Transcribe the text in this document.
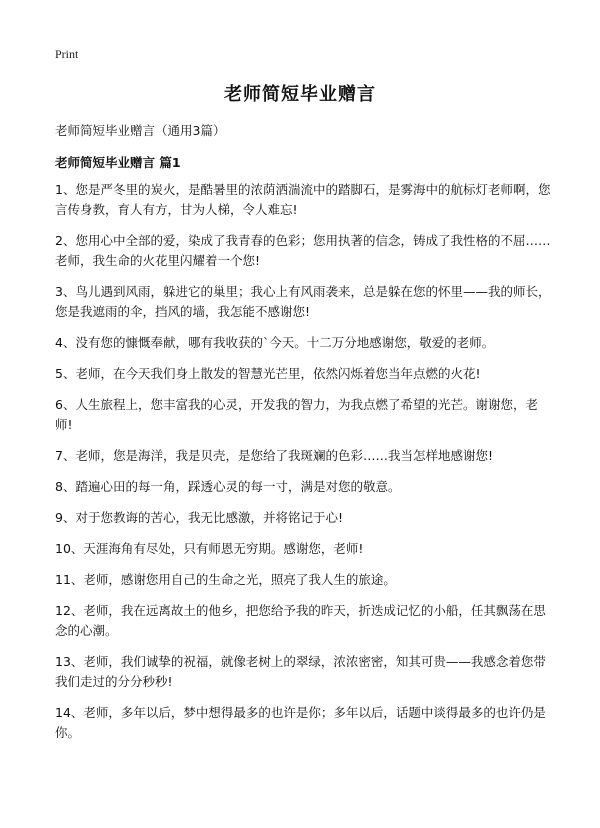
Print
老师简短毕业赠言

老师简短毕业赠言（通用3篇）

老师简短毕业赠言 篇1
1、您是严冬里的炭火，是酷暑里的浓荫洒湍流中的踏脚石，是雾海中的航标灯老师啊，您言传身教，育人有方，甘为人梯，令人难忘!
2、您用心中全部的爱，染成了我青春的色彩；您用执著的信念，铸成了我性格的不屈……老师，我生命的火花里闪耀着一个您!
3、鸟儿遇到风雨，躲进它的巢里；我心上有风雨袭来，总是躲在您的怀里——我的师长，您是我遮雨的伞，挡风的墙，我怎能不感谢您!
4、没有您的慷慨奉献，哪有我收获的`今天。十二万分地感谢您，敬爱的老师。
5、老师，在今天我们身上散发的智慧光芒里，依然闪烁着您当年点燃的火花!
6、人生旅程上，您丰富我的心灵，开发我的智力，为我点燃了希望的光芒。谢谢您，老师!
7、老师，您是海洋，我是贝壳，是您给了我斑斓的色彩……我当怎样地感谢您!
8、踏遍心田的每一角，踩透心灵的每一寸，满是对您的敬意。
9、对于您教诲的苦心，我无比感激，并将铭记于心!
10、天涯海角有尽处，只有师恩无穷期。感谢您，老师!
11、老师，感谢您用自己的生命之光，照亮了我人生的旅途。
12、老师，我在远离故土的他乡，把您给予我的昨天，折迭成记忆的小船，任其飘荡在思念的心潮。
13、老师，我们诚挚的祝福，就像老树上的翠绿，浓浓密密，知其可贵——我感念着您带我们走过的分分秒秒!
14、老师，多年以后，梦中想得最多的也许是你；多年以后，话题中谈得最多的也许仍是你。
